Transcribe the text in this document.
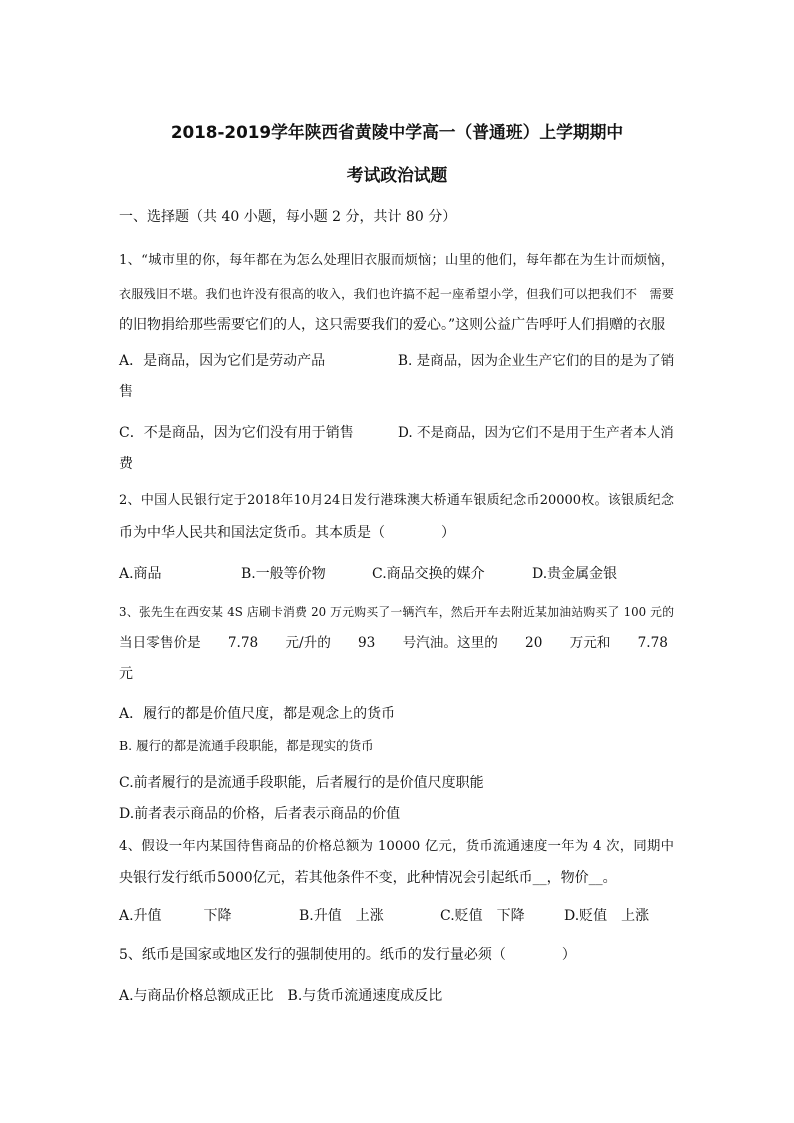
2018-2019学年陕西省黄陵中学高一（普通班）上学期期中
考试政治试题
一、选择题（共 40 小题，每小题 2 分，共计 80 分）
1、“城市里的你，每年都在为怎么处理旧衣服而烦恼；山里的他们，每年都在为生计而烦恼，
衣服残旧不堪。我们也许没有很高的收入，我们也许搞不起一座希望小学，但我们可以把我们不　需要
的旧物捐给那些需要它们的人，这只需要我们的爱心。”这则公益广告呼吁人们捐赠的衣服
A．是商品，因为它们是劳动产品	B. 是商品，因为企业生产它们的目的是为了销
售
C．不是商品，因为它们没有用于销售	D. 不是商品，因为它们不是用于生产者本人消
费
2、中国人民银行定于2018年10月24日发行港珠澳大桥通车银质纪念币20000枚。该银质纪念
币为中华人民共和国法定货币。其本质是（　　　　）
A.商品	B.一般等价物	C.商品交换的媒介	D.贵金属金银
3、张先生在西安某 4S 店刷卡消费 20 万元购买了一辆汽车，然后开车去附近某加油站购买了 100 元的
当日零售价是　　7.78　　元/升的　　93　　号汽油。这里的　　20　　万元和　　7.78
元
A．履行的都是价值尺度，都是观念上的货币
B. 履行的都是流通手段职能，都是现实的货币
C.前者履行的是流通手段职能，后者履行的是价值尺度职能
D.前者表示商品的价格，后者表示商品的价值
4、假设一年内某国待售商品的价格总额为 10000 亿元，货币流通速度一年为 4 次，同期中
央银行发行纸币5000亿元，若其他条件不变，此种情况会引起纸币__，物价__。
A.升值　　　下降	B.升值　上涨	C.贬值　下降	D.贬值　上涨
5、纸币是国家或地区发行的强制使用的。纸币的发行量必须（　　　　）
A.与商品价格总额成正比　B.与货币流通速度成反比
